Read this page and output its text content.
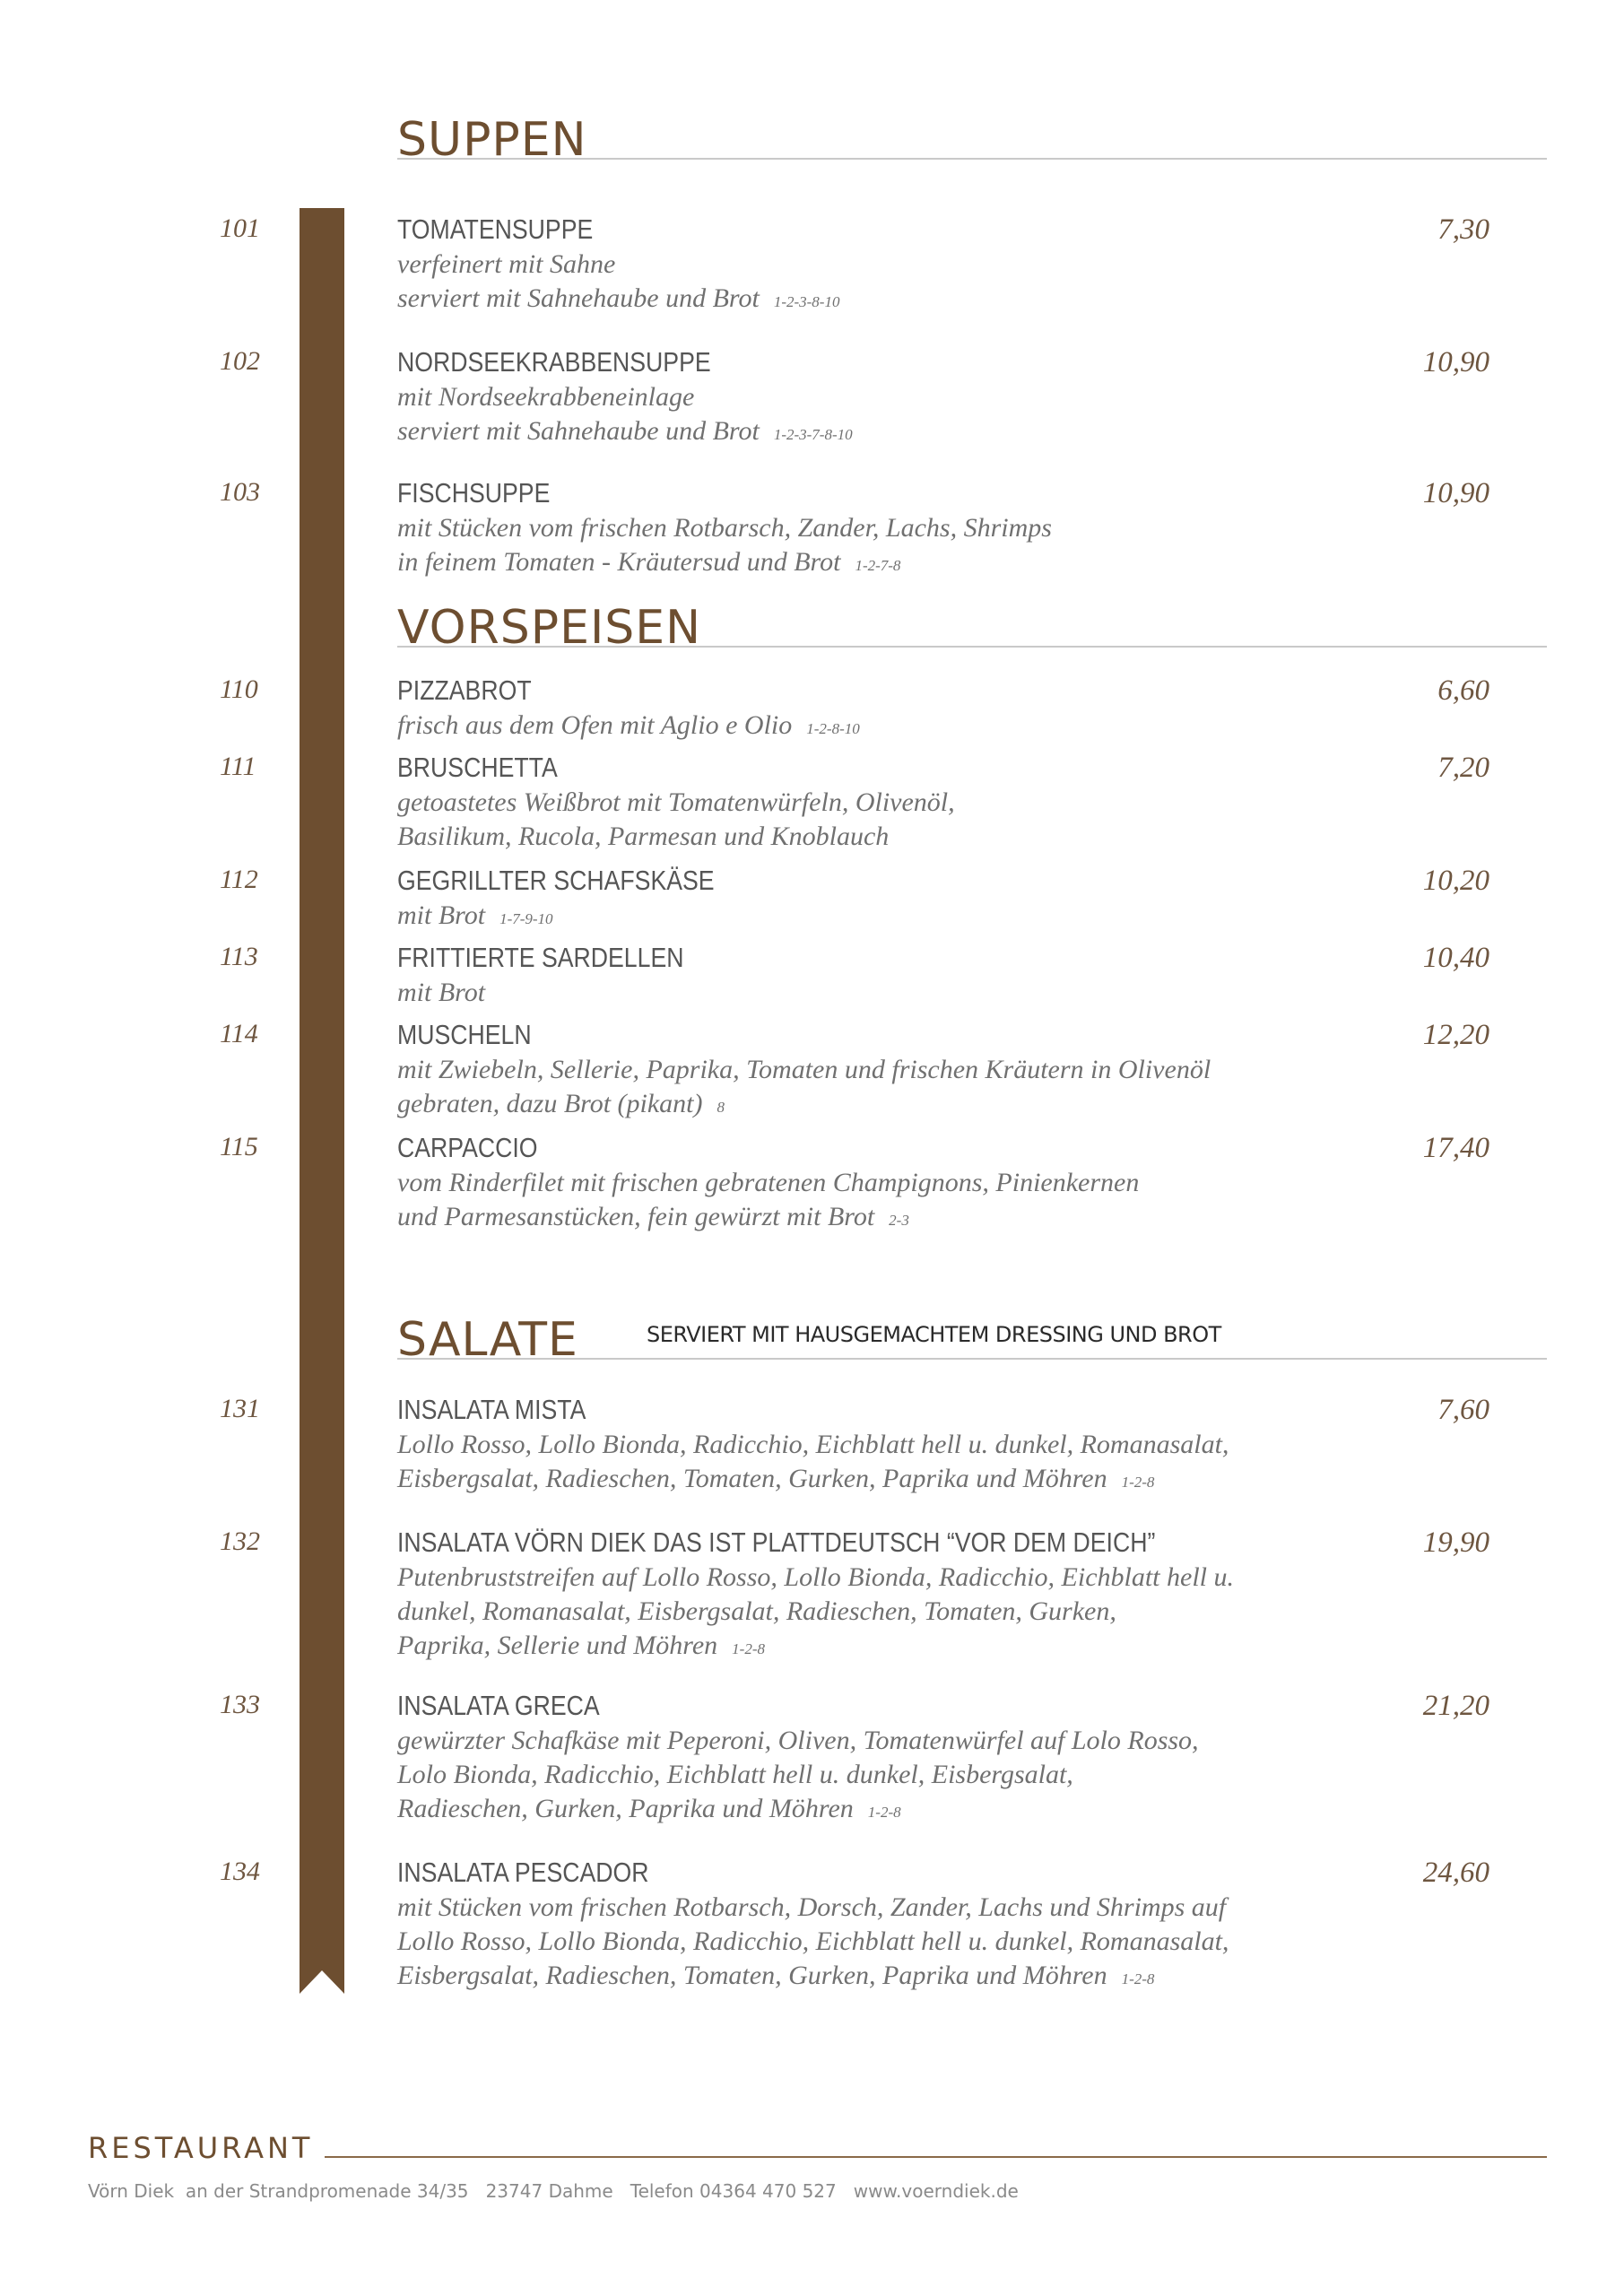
SUPPEN
VORSPEISEN
SALATE	SERVIERT MIT HAUSGEMACHTEM DRESSING UND BROT
101	TOMATENSUPPE	7,30
verfeinert mit Sahne
serviert mit Sahnehaube und Brot 1-2-3-8-10
102	NORDSEEKRABBENSUPPE	10,90
mit Nordseekrabbeneinlage
serviert mit Sahnehaube und Brot 1-2-3-7-8-10
103	FISCHSUPPE	10,90
mit Stücken vom frischen Rotbarsch, Zander, Lachs, Shrimps
in feinem Tomaten - Kräutersud und Brot 1-2-7-8
110	PIZZABROT	6,60
frisch aus dem Ofen mit Aglio e Olio 1-2-8-10
111	BRUSCHETTA	7,20
getoastetes Weißbrot mit Tomatenwürfeln, Olivenöl,
Basilikum, Rucola, Parmesan und Knoblauch
112	GEGRILLTER SCHAFSKÄSE	10,20
mit Brot 1-7-9-10
113	FRITTIERTE SARDELLEN	10,40
mit Brot
114	MUSCHELN	12,20
mit Zwiebeln, Sellerie, Paprika, Tomaten und frischen Kräutern in Olivenöl
gebraten, dazu Brot (pikant) 8
115	CARPACCIO	17,40
vom Rinderfilet mit frischen gebratenen Champignons, Pinienkernen
und Parmesanstücken, fein gewürzt mit Brot 2-3
131	INSALATA MISTA	7,60
Lollo Rosso, Lollo Bionda, Radicchio, Eichblatt hell u. dunkel, Romanasalat,
Eisbergsalat, Radieschen, Tomaten, Gurken, Paprika und Möhren 1-2-8
132	INSALATA VÖRN DIEK DAS IST PLATTDEUTSCH “VOR DEM DEICH”	19,90
Putenbruststreifen auf Lollo Rosso, Lollo Bionda, Radicchio, Eichblatt hell u.
dunkel, Romanasalat, Eisbergsalat, Radieschen, Tomaten, Gurken,
Paprika, Sellerie und Möhren 1-2-8
133	INSALATA GRECA	21,20
gewürzter Schafkäse mit Peperoni, Oliven, Tomatenwürfel auf Lolo Rosso,
Lolo Bionda, Radicchio, Eichblatt hell u. dunkel, Eisbergsalat,
Radieschen, Gurken, Paprika und Möhren 1-2-8
134	INSALATA PESCADOR	24,60
mit Stücken vom frischen Rotbarsch, Dorsch, Zander, Lachs und Shrimps auf
Lollo Rosso, Lollo Bionda, Radicchio, Eichblatt hell u. dunkel, Romanasalat,
Eisbergsalat, Radieschen, Tomaten, Gurken, Paprika und Möhren 1-2-8
RESTAURANT
Vörn Diek  an der Strandpromenade 34/35   23747 Dahme   Telefon 04364 470 527   www.voerndiek.de
